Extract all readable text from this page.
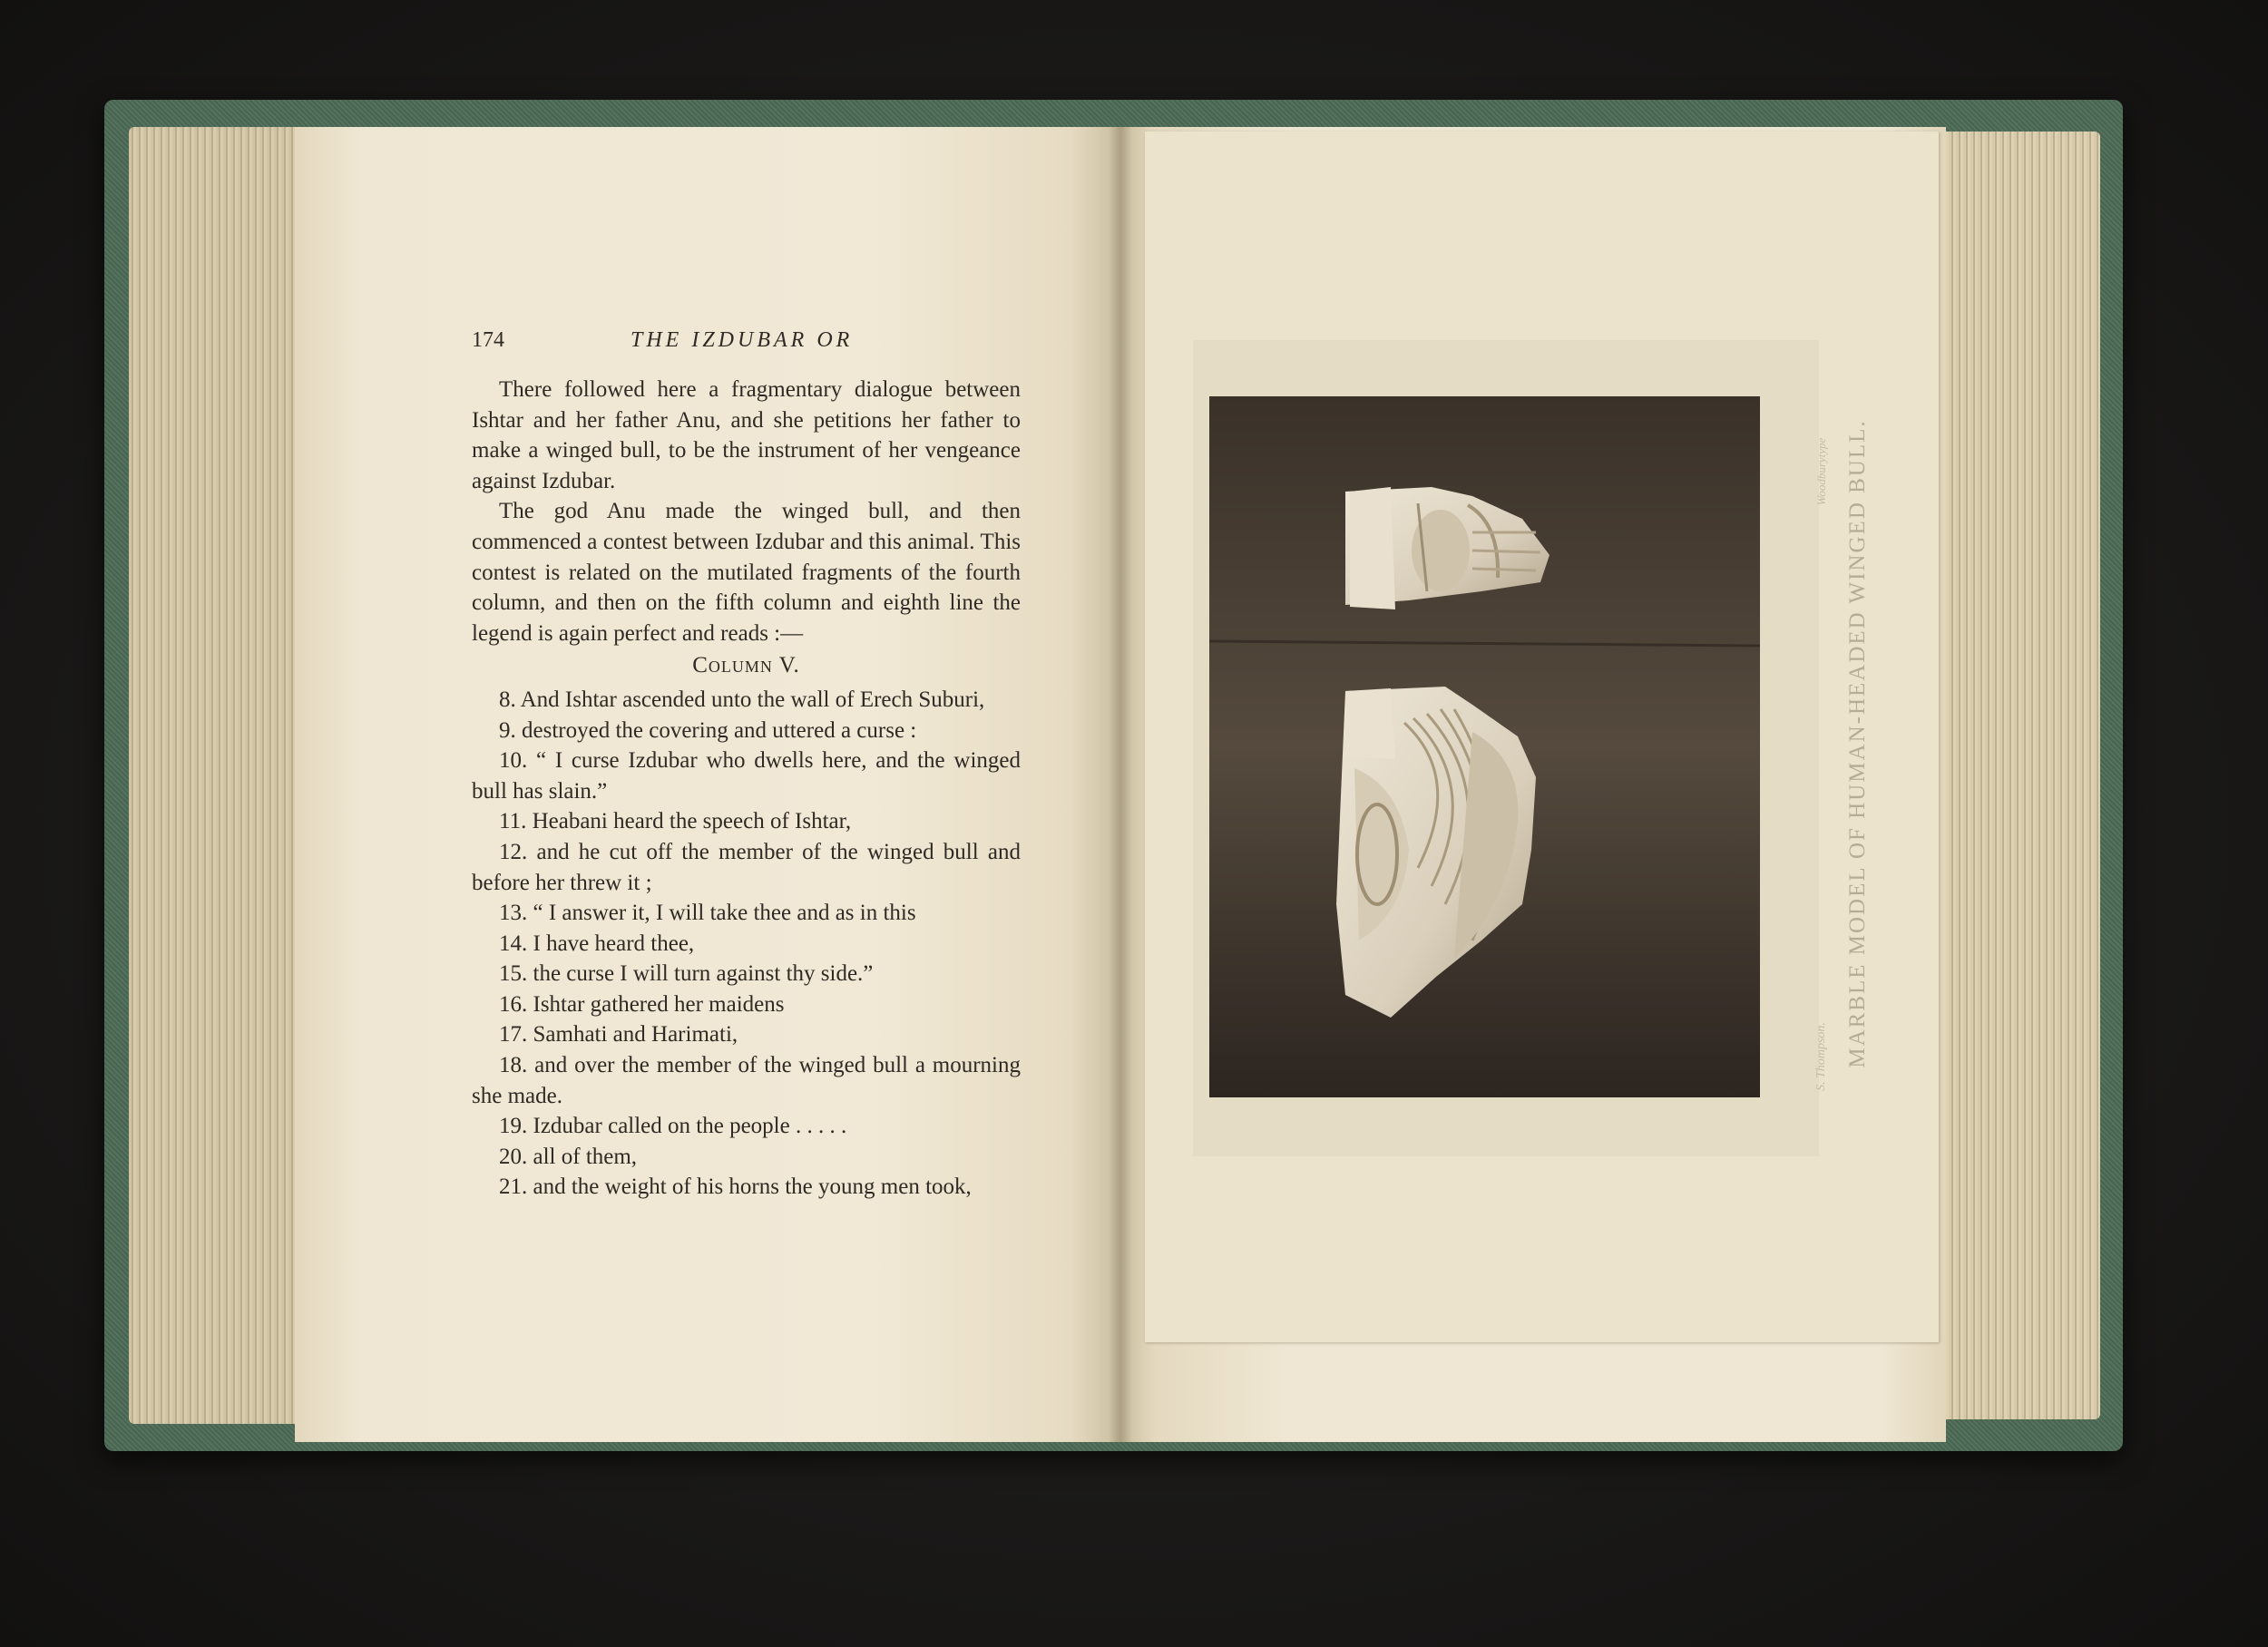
174	THE IZDUBAR OR

There followed here a fragmentary dialogue between Ishtar and her father Anu, and she petitions her father to make a winged bull, to be the instrument of her vengeance against Izdubar.

The god Anu made the winged bull, and then commenced a contest between Izdubar and this animal. This contest is related on the mutilated fragments of the fourth column, and then on the fifth column and eighth line the legend is again perfect and reads :—

Column V.

8. And Ishtar ascended unto the wall of Erech Suburi,

9. destroyed the covering and uttered a curse :

10. “ I curse Izdubar who dwells here, and the winged bull has slain.”

11. Heabani heard the speech of Ishtar,

12. and he cut off the member of the winged bull and before her threw it ;

13. “ I answer it, I will take thee and as in this

14. I have heard thee,

15. the curse I will turn against thy side.”

16. Ishtar gathered her maidens

17. Samhati and Harimati,

18. and over the member of the winged bull a mourning she made.

19. Izdubar called on the people . . . . .

20. all of them,

21. and the weight of his horns the young men took,

MARBLE MODEL OF HUMAN-HEADED WINGED BULL.
S. Thompson.
Woodburytype
